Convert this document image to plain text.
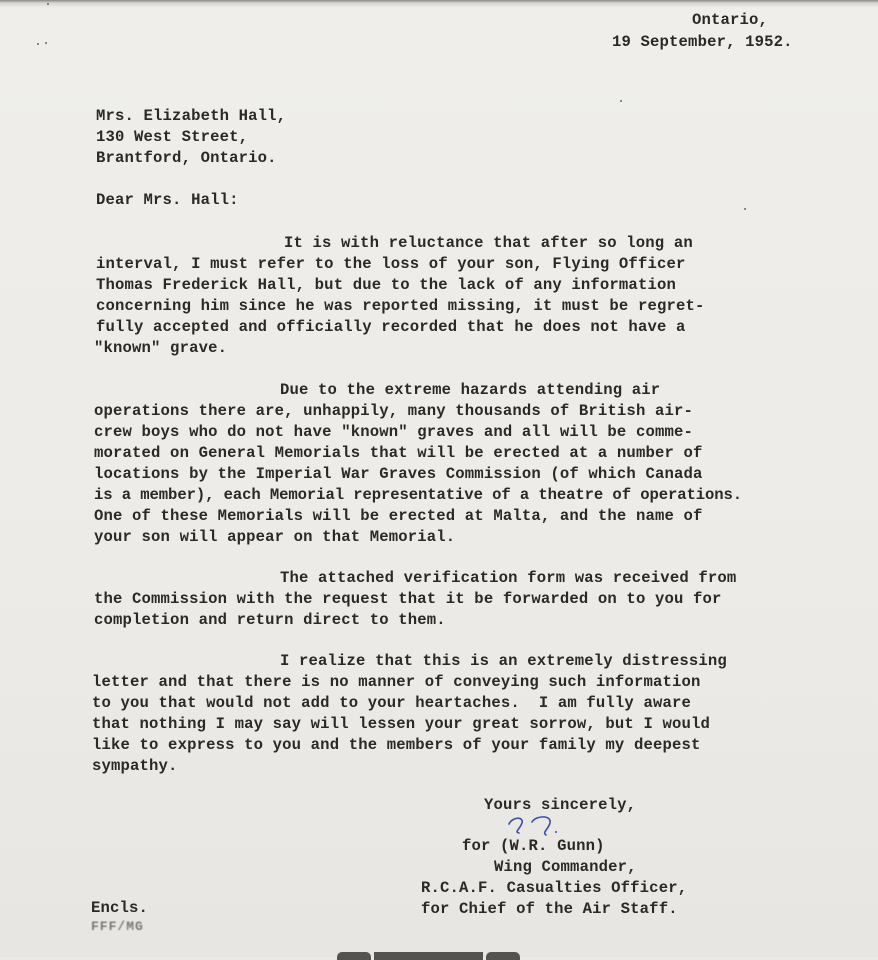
Ontario,
19 September, 1952.
Mrs. Elizabeth Hall,
130 West Street,
Brantford, Ontario.
Dear Mrs. Hall:
It is with reluctance that after so long an
interval, I must refer to the loss of your son, Flying Officer
Thomas Frederick Hall, but due to the lack of any information
concerning him since he was reported missing, it must be regret-
fully accepted and officially recorded that he does not have a
"known" grave.
Due to the extreme hazards attending air
operations there are, unhappily, many thousands of British air-
crew boys who do not have "known" graves and all will be comme-
morated on General Memorials that will be erected at a number of
locations by the Imperial War Graves Commission (of which Canada
is a member), each Memorial representative of a theatre of operations.
One of these Memorials will be erected at Malta, and the name of
your son will appear on that Memorial.
The attached verification form was received from
the Commission with the request that it be forwarded on to you for
completion and return direct to them.
I realize that this is an extremely distressing
letter and that there is no manner of conveying such information
to you that would not add to your heartaches.  I am fully aware
that nothing I may say will lessen your great sorrow, but I would
like to express to you and the members of your family my deepest
sympathy.
Yours sincerely,
for (W.R. Gunn)
Wing Commander,
R.C.A.F. Casualties Officer,
for Chief of the Air Staff.
Encls.
FFF/MG
